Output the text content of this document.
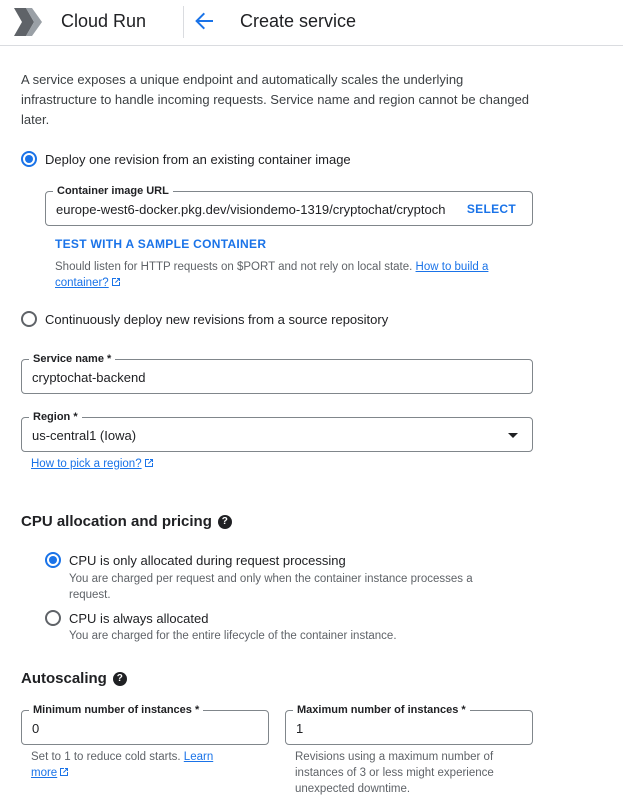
Cloud Run	Create service
A service exposes a unique endpoint and automatically scales the underlying infrastructure to handle incoming requests. Service name and region cannot be changed later.
Deploy one revision from an existing container image
Container image URL
europe-west6-docker.pkg.dev/visiondemo-1319/cryptochat/cryptoch	SELECT
TEST WITH A SAMPLE CONTAINER
Should listen for HTTP requests on $PORT and not rely on local state. How to build a container?
Continuously deploy new revisions from a source repository
Service name *
cryptochat-backend
Region *
us-central1 (Iowa)
How to pick a region?
CPU allocation and pricing ?
CPU is only allocated during request processing
You are charged per request and only when the container instance processes a request.
CPU is always allocated
You are charged for the entire lifecycle of the container instance.
Autoscaling ?
Minimum number of instances *
0
Maximum number of instances *
1
Set to 1 to reduce cold starts. Learn more
Revisions using a maximum number of instances of 3 or less might experience unexpected downtime.
